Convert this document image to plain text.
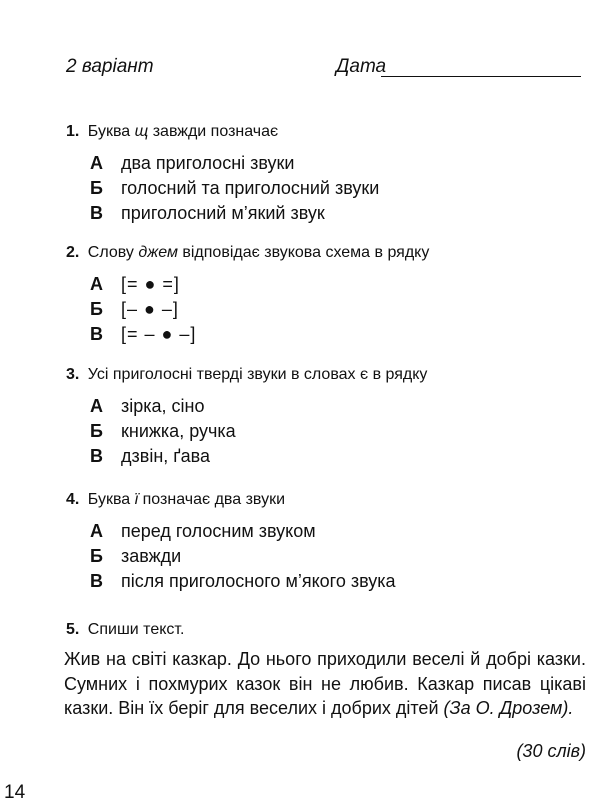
2 варіант	Дата
1. Буква щ завжди позначає
А два приголосні звуки
Б голосний та приголосний звуки
В приголосний м’який звук
2. Слову джем відповідає звукова схема в рядку
А [= ● =]
Б [– ● –]
В [= – ● –]
3. Усі приголосні тверді звуки в словах є в рядку
А зірка, сіно
Б книжка, ручка
В дзвін, ґава
4. Буква ї позначає два звуки
А перед голосним звуком
Б завжди
В після приголосного м’якого звука
5. Спиши текст.
Жив на світі казкар. До нього приходили веселі й добрі казки. Сумних і похмурих казок він не любив. Казкар писав цікаві казки. Він їх беріг для веселих і добрих дітей (За О. Дрозем).
(30 слів)
14
